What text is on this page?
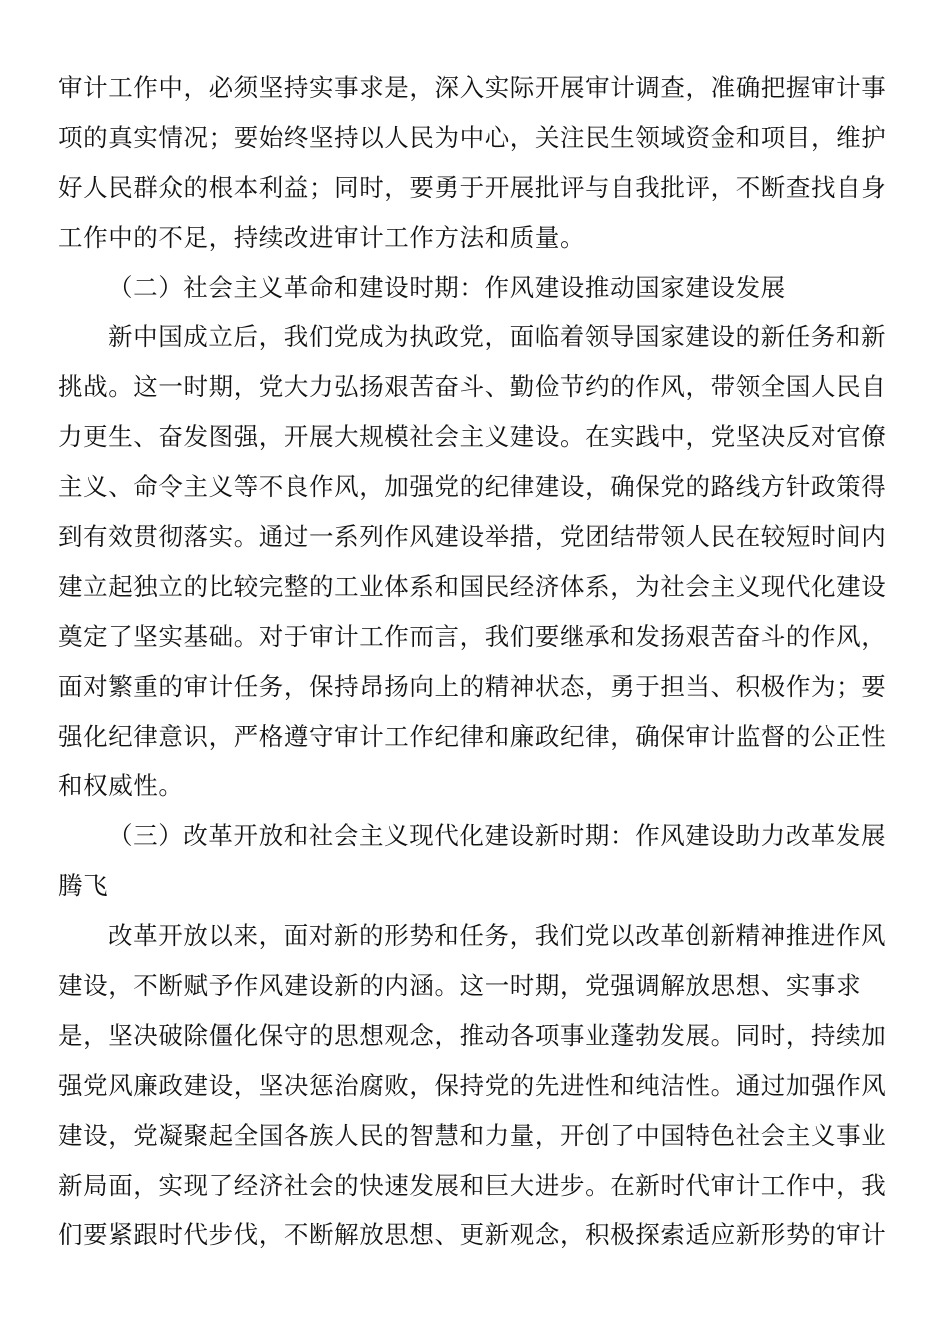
审计工作中，必须坚持实事求是，深入实际开展审计调查，准确把握审计事
项的真实情况；要始终坚持以人民为中心，关注民生领域资金和项目，维护
好人民群众的根本利益；同时，要勇于开展批评与自我批评，不断查找自身
工作中的不足，持续改进审计工作方法和质量。

（二）社会主义革命和建设时期：作风建设推动国家建设发展

新中国成立后，我们党成为执政党，面临着领导国家建设的新任务和新
挑战。这一时期，党大力弘扬艰苦奋斗、勤俭节约的作风，带领全国人民自
力更生、奋发图强，开展大规模社会主义建设。在实践中，党坚决反对官僚
主义、命令主义等不良作风，加强党的纪律建设，确保党的路线方针政策得
到有效贯彻落实。通过一系列作风建设举措，党团结带领人民在较短时间内
建立起独立的比较完整的工业体系和国民经济体系，为社会主义现代化建设
奠定了坚实基础。对于审计工作而言，我们要继承和发扬艰苦奋斗的作风，
面对繁重的审计任务，保持昂扬向上的精神状态，勇于担当、积极作为；要
强化纪律意识，严格遵守审计工作纪律和廉政纪律，确保审计监督的公正性
和权威性。

（三）改革开放和社会主义现代化建设新时期：作风建设助力改革发展
腾飞

改革开放以来，面对新的形势和任务，我们党以改革创新精神推进作风
建设，不断赋予作风建设新的内涵。这一时期，党强调解放思想、实事求
是，坚决破除僵化保守的思想观念，推动各项事业蓬勃发展。同时，持续加
强党风廉政建设，坚决惩治腐败，保持党的先进性和纯洁性。通过加强作风
建设，党凝聚起全国各族人民的智慧和力量，开创了中国特色社会主义事业
新局面，实现了经济社会的快速发展和巨大进步。在新时代审计工作中，我
们要紧跟时代步伐，不断解放思想、更新观念，积极探索适应新形势的审计
